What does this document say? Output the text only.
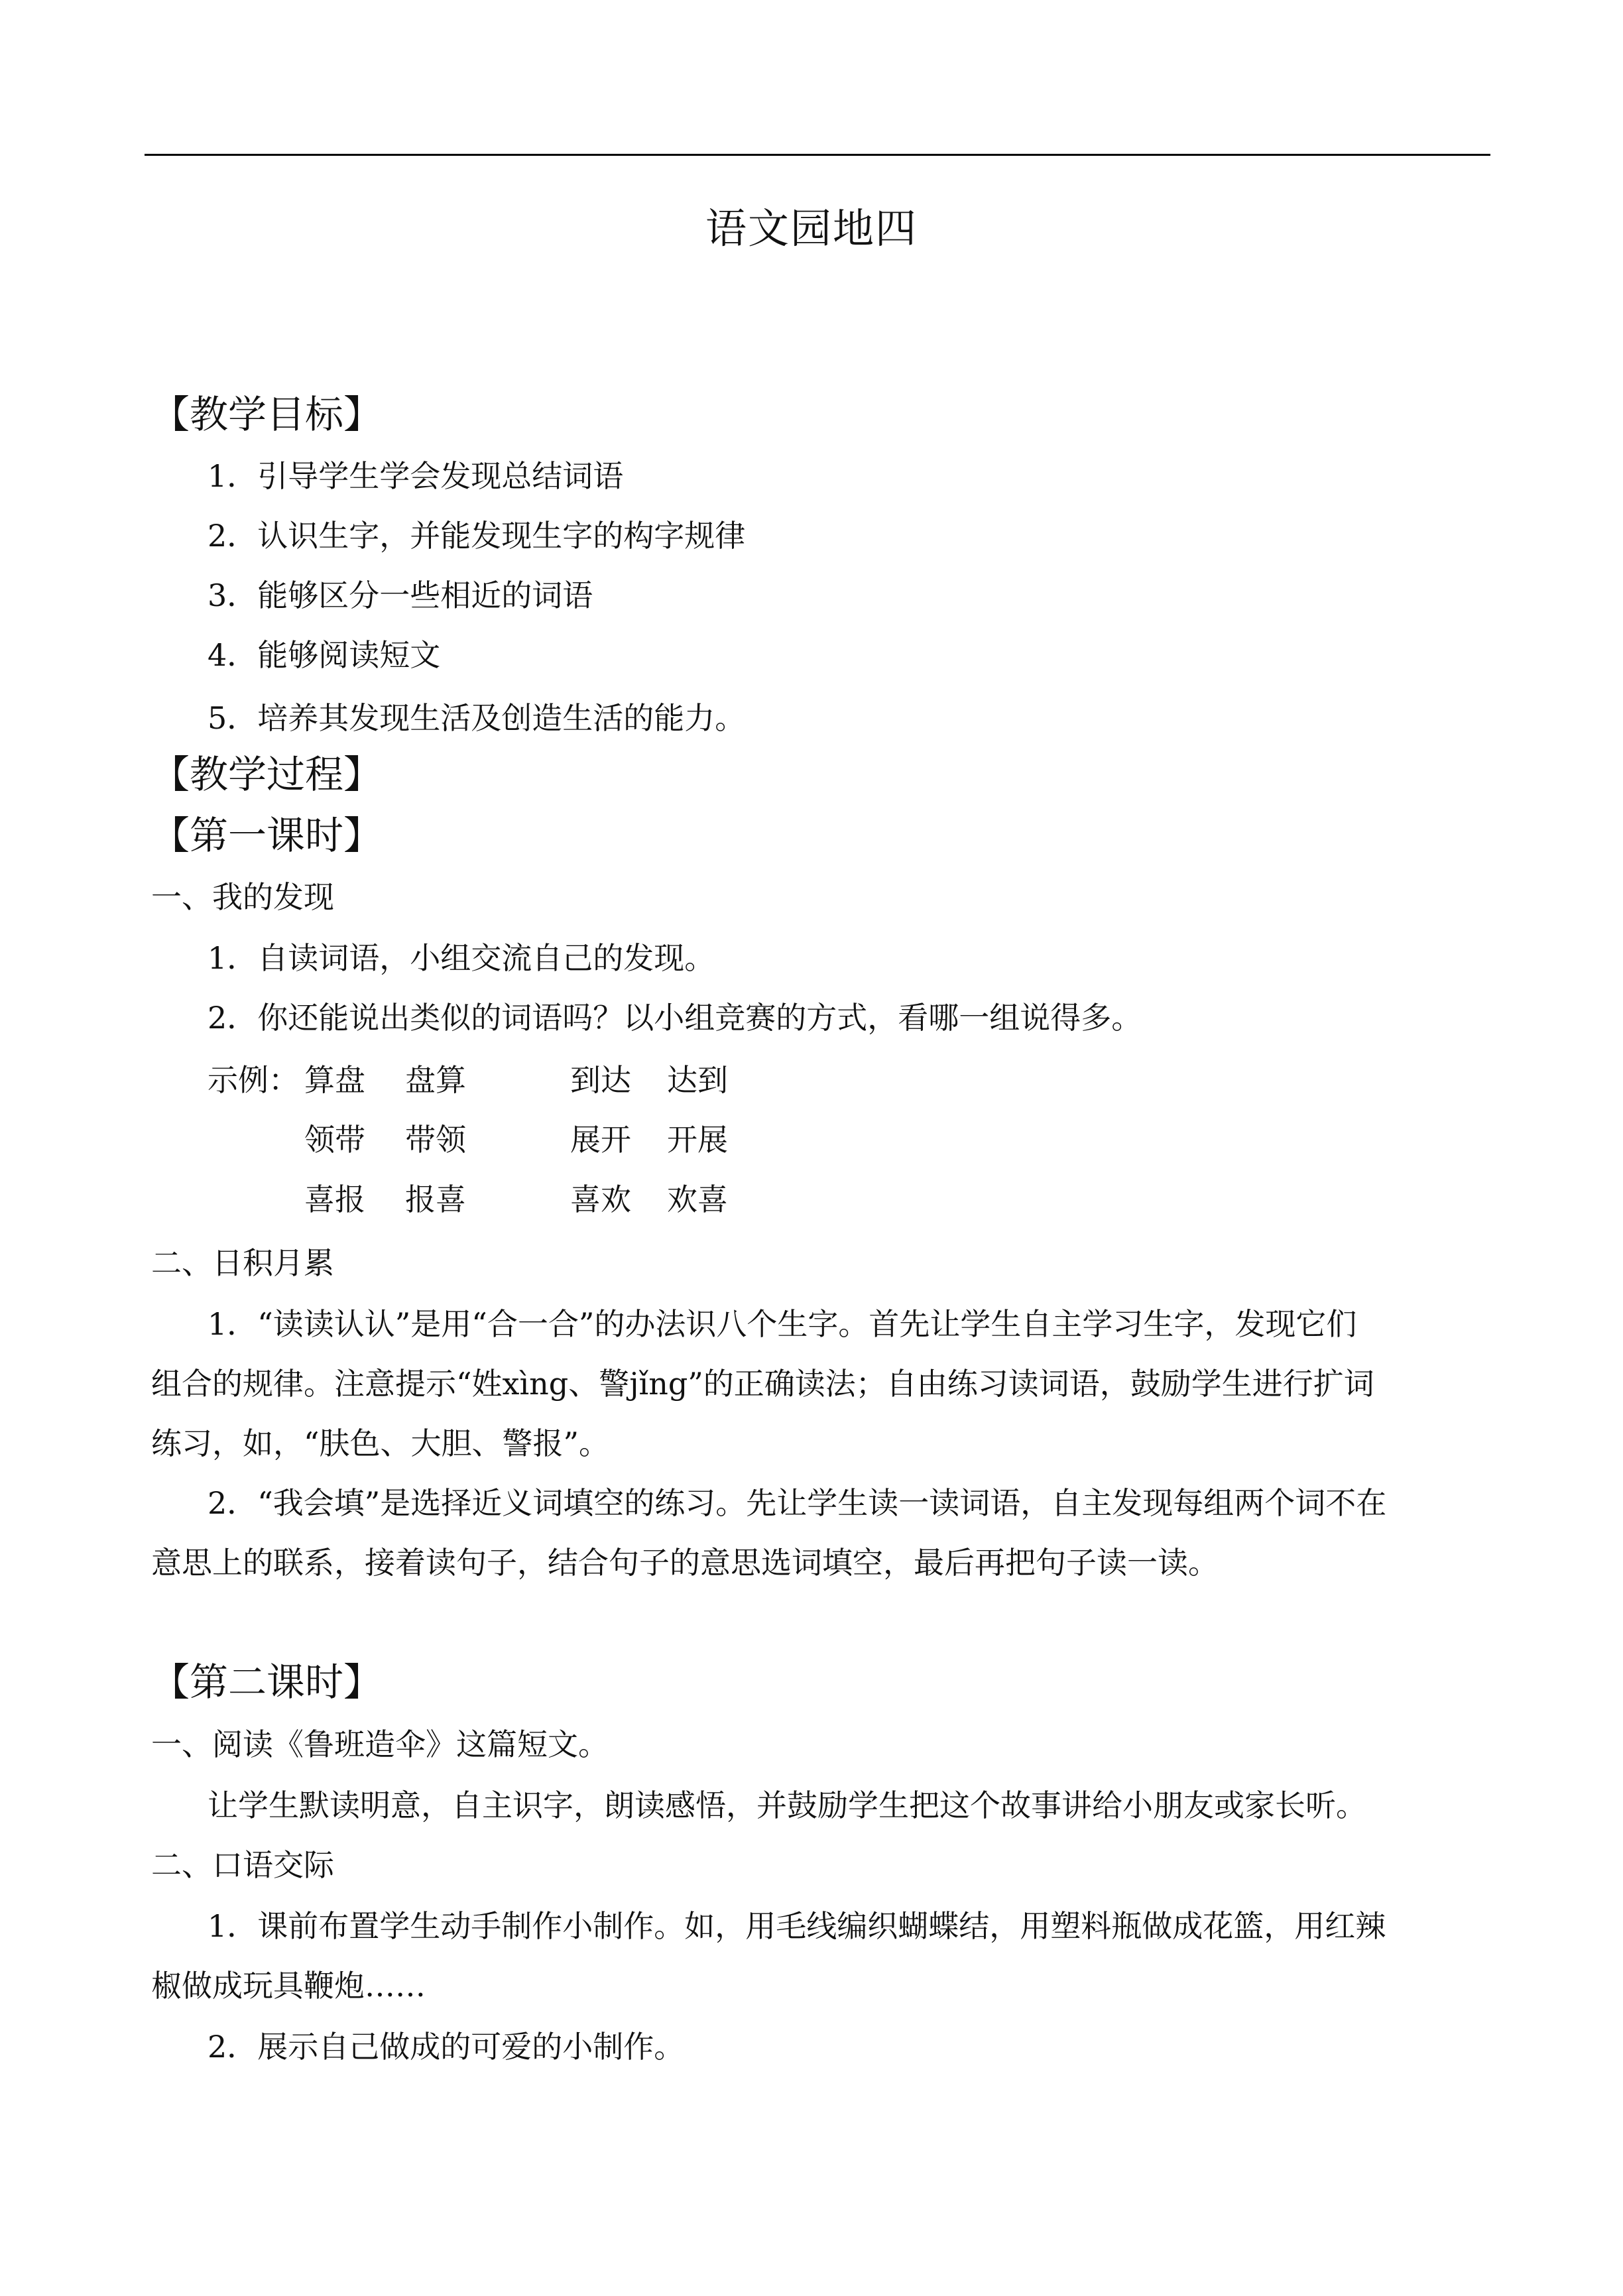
语文园地四
【教学目标】
1．引导学生学会发现总结词语
2．认识生字，并能发现生字的构字规律
3．能够区分一些相近的词语
4．能够阅读短文
5．培养其发现生活及创造生活的能力。
【教学过程】
【第一课时】
一、我的发现
1．自读词语，小组交流自己的发现。
2．你还能说出类似的词语吗？以小组竞赛的方式，看哪一组说得多。
示例： 算盘 盘算	到达 达到
领带 带领	展开 开展
喜报 报喜	喜欢 欢喜
二、日积月累
1．“读读认认”是用“合一合”的办法识八个生字。首先让学生自主学习生字，发现它们
组合的规律。注意提示“姓xìng、警jǐng”的正确读法；自由练习读词语，鼓励学生进行扩词
练习，如，“肤色、大胆、警报”。
2．“我会填”是选择近义词填空的练习。先让学生读一读词语，自主发现每组两个词不在
意思上的联系，接着读句子，结合句子的意思选词填空，最后再把句子读一读。
【第二课时】
一、阅读《鲁班造伞》这篇短文。
让学生默读明意，自主识字，朗读感悟，并鼓励学生把这个故事讲给小朋友或家长听。
二、口语交际
1．课前布置学生动手制作小制作。如，用毛线编织蝴蝶结，用塑料瓶做成花篮，用红辣
椒做成玩具鞭炮……
2．展示自己做成的可爱的小制作。
